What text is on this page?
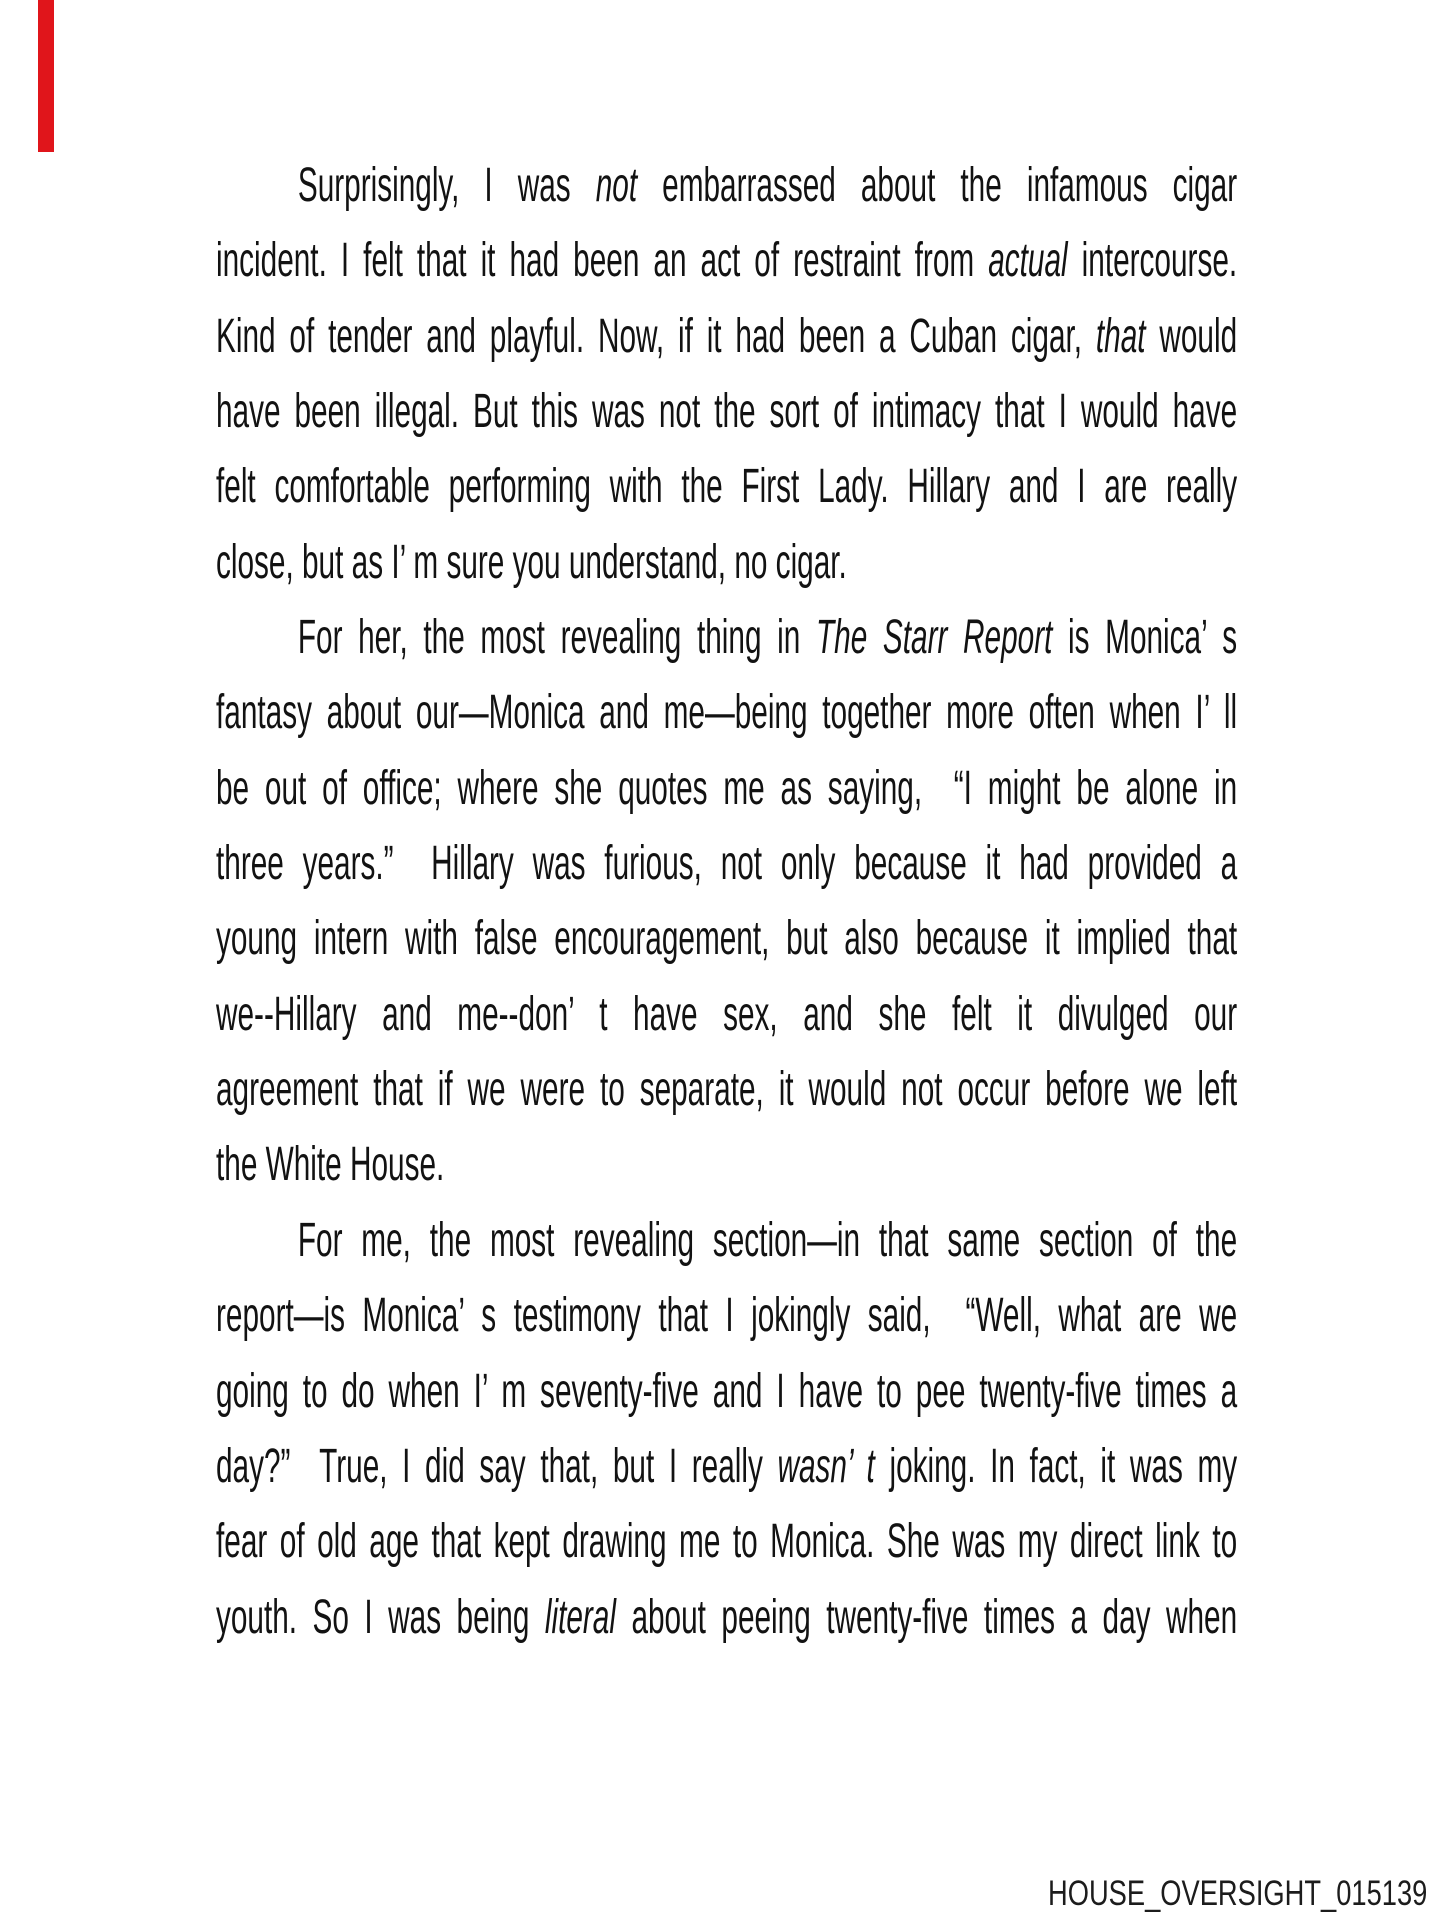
Surprisingly, I was not embarrassed about the infamous cigar
incident. I felt that it had been an act of restraint from actual intercourse.
Kind of tender and playful. Now, if it had been a Cuban cigar, that would
have been illegal. But this was not the sort of intimacy that I would have
felt comfortable performing with the First Lady. Hillary and I are really
close, but as I’ m sure you understand, no cigar.
For her, the most revealing thing in The Starr Report is Monica’ s
fantasy about our—Monica and me—being together more often when I’ ll
be out of office; where she quotes me as saying,  “I might be alone in
three years.”  Hillary was furious, not only because it had provided a
young intern with false encouragement, but also because it implied that
we--Hillary and me--don’ t have sex, and she felt it divulged our
agreement that if we were to separate, it would not occur before we left
the White House.
For me, the most revealing section—in that same section of the
report—is Monica’ s testimony that I jokingly said,  “Well, what are we
going to do when I’ m seventy-five and I have to pee twenty-five times a
day?”  True, I did say that, but I really wasn’ t joking. In fact, it was my
fear of old age that kept drawing me to Monica. She was my direct link to
youth. So I was being literal about peeing twenty-five times a day when
HOUSE_OVERSIGHT_015139
